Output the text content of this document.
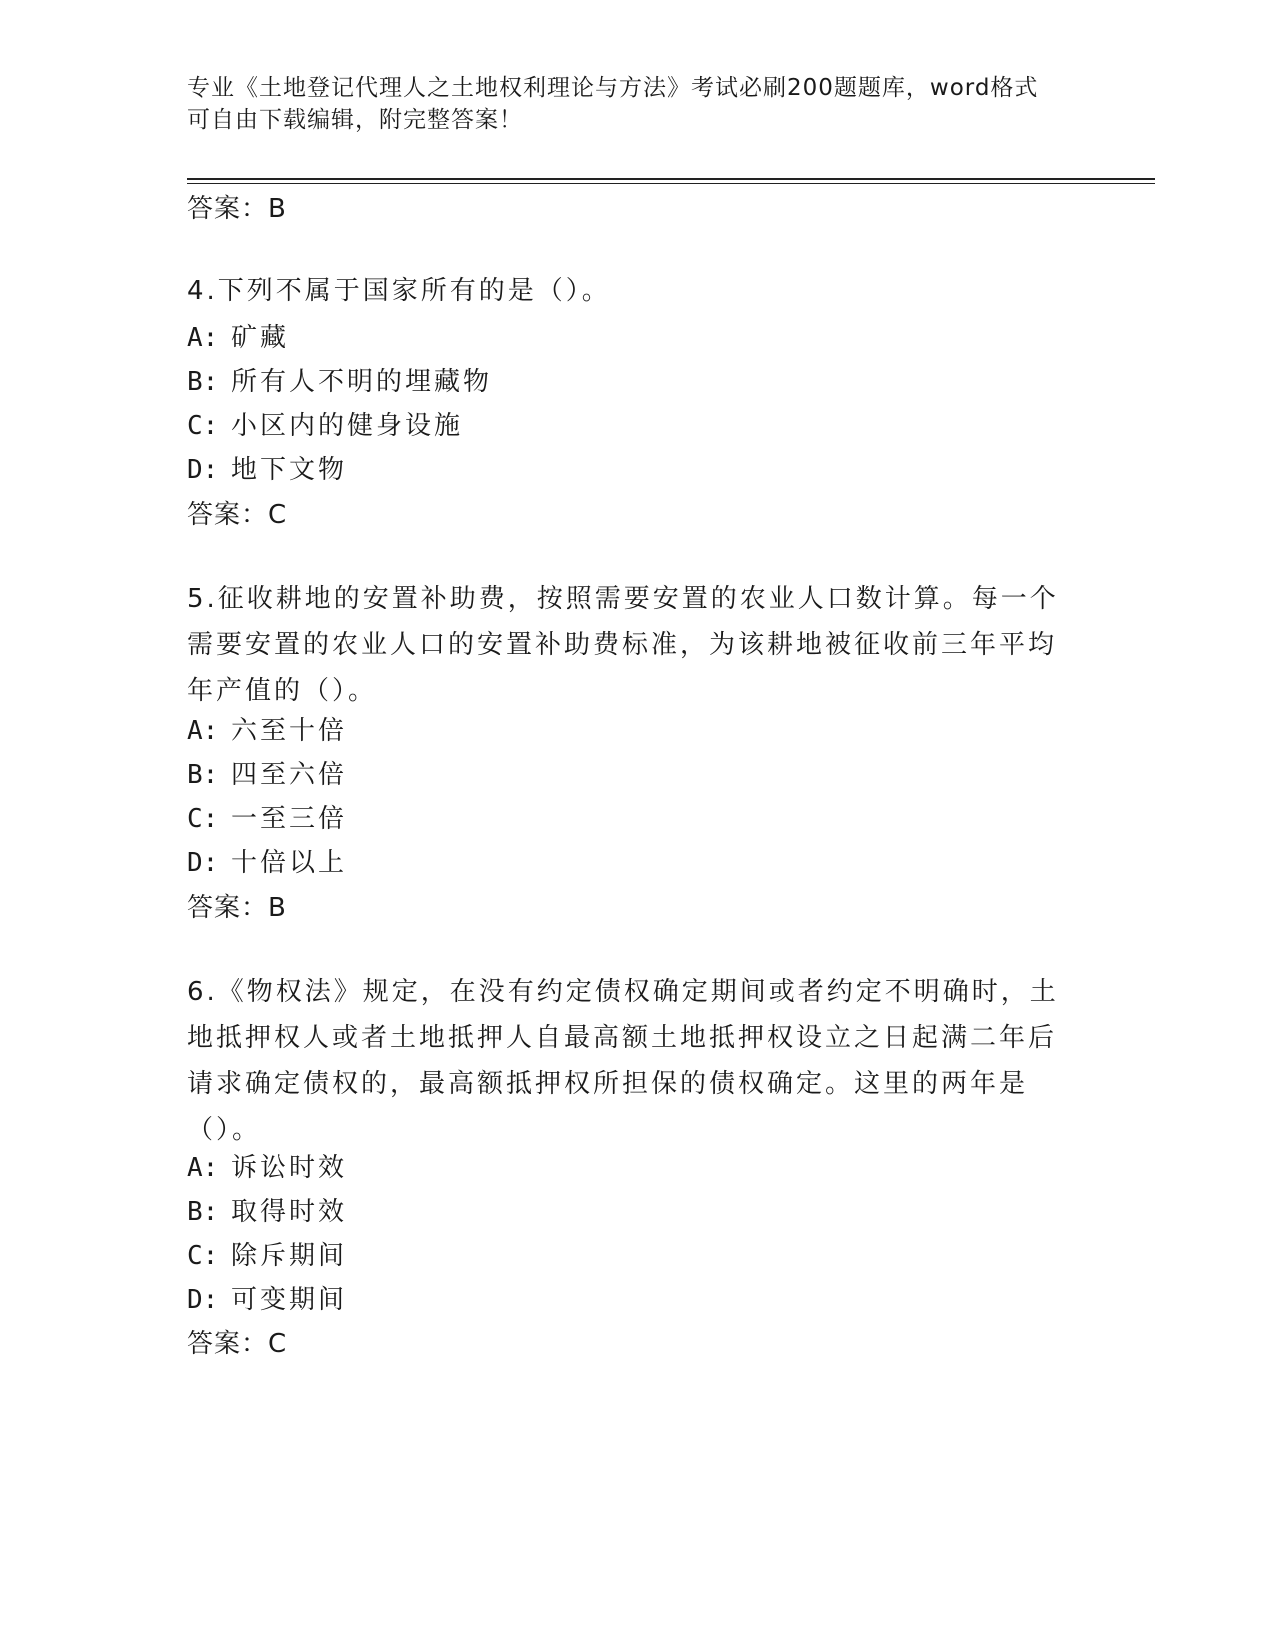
专业《土地登记代理人之土地权利理论与方法》考试必刷200题题库，word格式
可自由下载编辑，附完整答案！
答案：B
4.下列不属于国家所有的是（）。
A: 矿藏
B: 所有人不明的埋藏物
C: 小区内的健身设施
D: 地下文物
答案：C
5.征收耕地的安置补助费，按照需要安置的农业人口数计算。每一个需要安置的农业人口的安置补助费标准，为该耕地被征收前三年平均年产值的（）。
A: 六至十倍
B: 四至六倍
C: 一至三倍
D: 十倍以上
答案：B
6.《物权法》规定，在没有约定债权确定期间或者约定不明确时，土地抵押权人或者土地抵押人自最高额土地抵押权设立之日起满二年后请求确定债权的，最高额抵押权所担保的债权确定。这里的两年是（）。
A: 诉讼时效
B: 取得时效
C: 除斥期间
D: 可变期间
答案：C
